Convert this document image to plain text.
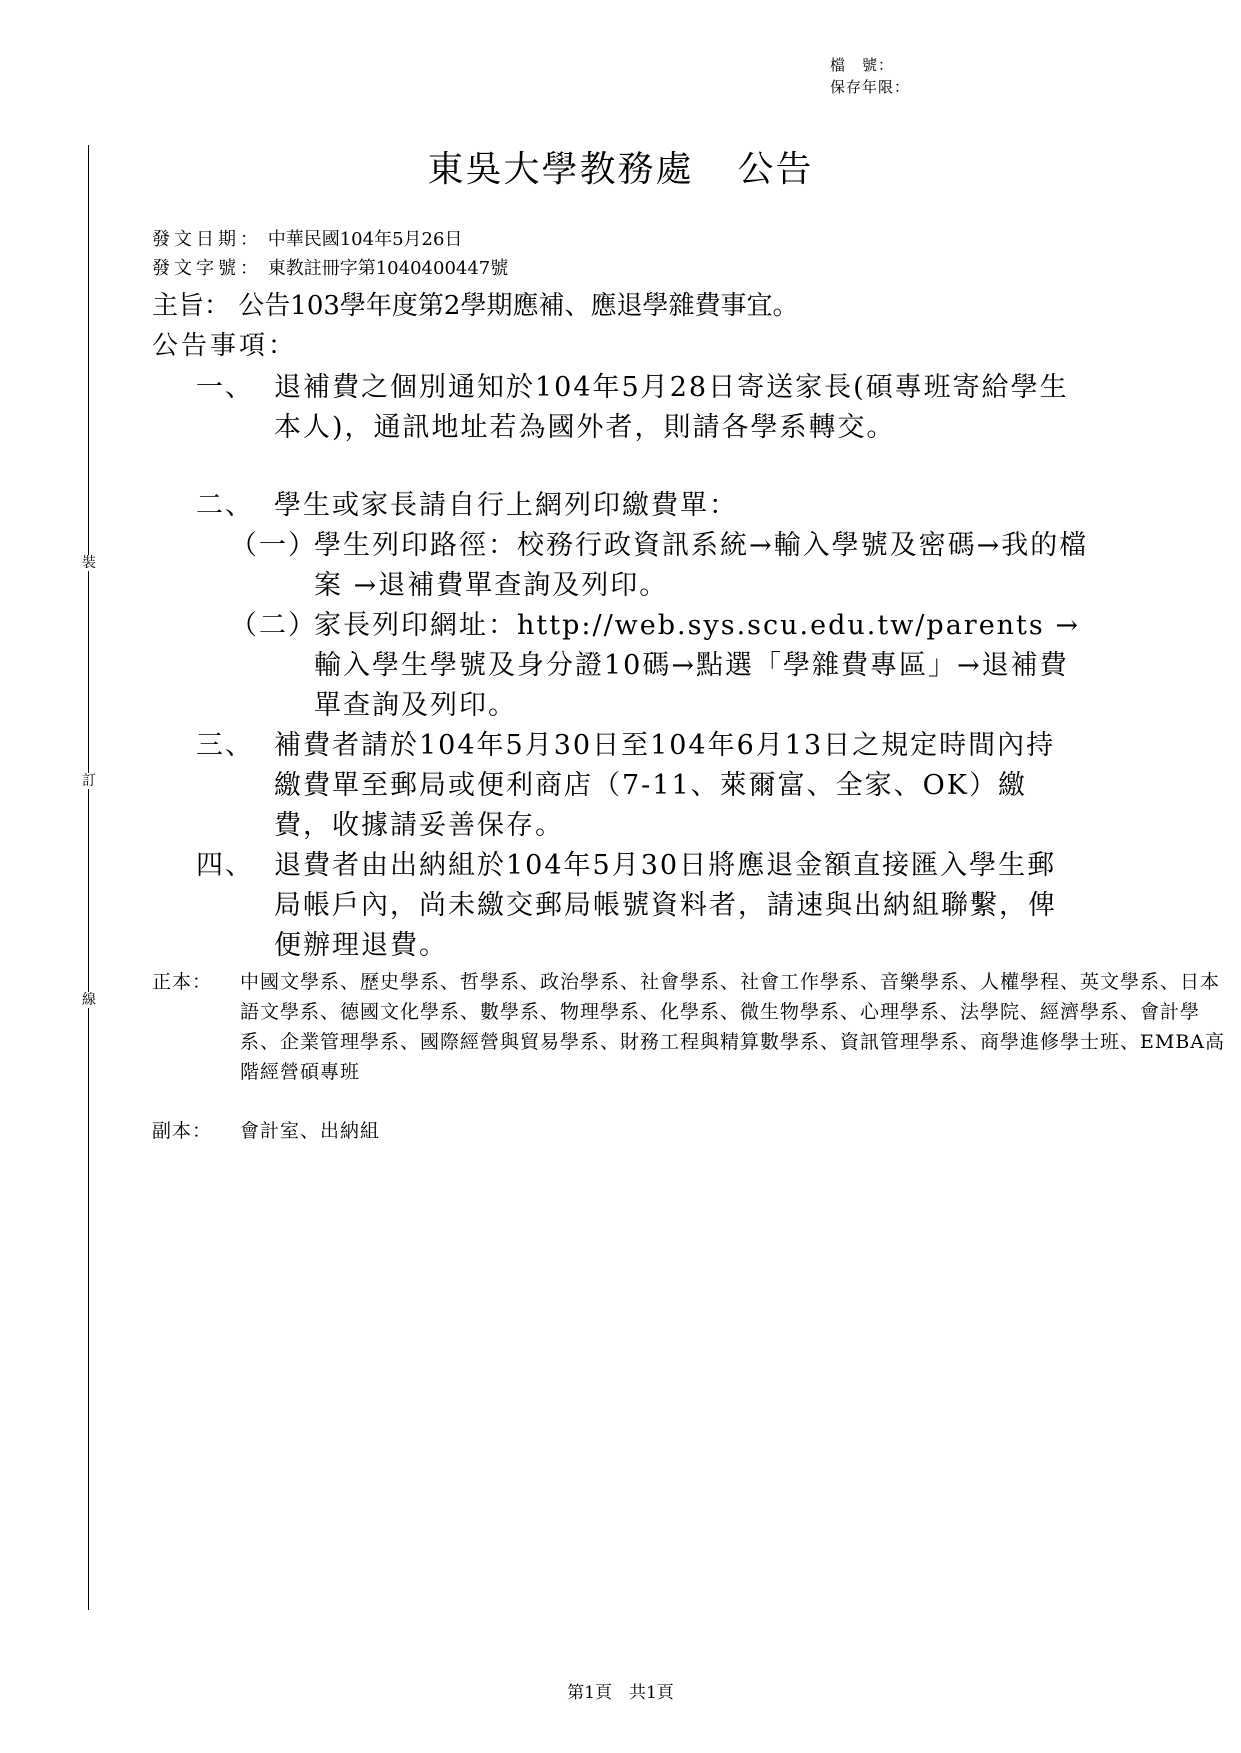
檔　號：
保存年限：
裝
訂
線
東吳大學教務處 公告
發文日期： 中華民國104年5月26日
發文字號： 東教註冊字第1040400447號
主旨： 公告103學年度第2學期應補、應退學雜費事宜。
公告事項：
一、 退補費之個別通知於104年5月28日寄送家長(碩專班寄給學生本人)，通訊地址若為國外者，則請各學系轉交。
二、 學生或家長請自行上網列印繳費單：
（一）
學生列印路徑：校務行政資訊系統→輸入學號及密碼→我的檔案 →退補費單查詢及列印。
（二）
家長列印網址：http://web.sys.scu.edu.tw/parents →輸入學生學號及身分證10碼→點選「學雜費專區」→退補費單查詢及列印。
三、 補費者請於104年5月30日至104年6月13日之規定時間內持繳費單至郵局或便利商店（7-11、萊爾富、全家、OK）繳費，收據請妥善保存。
四、 退費者由出納組於104年5月30日將應退金額直接匯入學生郵局帳戶內，尚未繳交郵局帳號資料者，請速與出納組聯繫，俾便辦理退費。
正本： 中國文學系、歷史學系、哲學系、政治學系、社會學系、社會工作學系、音樂學系、人權學程、英文學系、日本語文學系、德國文化學系、數學系、物理學系、化學系、微生物學系、心理學系、法學院、經濟學系、會計學系、企業管理學系、國際經營與貿易學系、財務工程與精算數學系、資訊管理學系、商學進修學士班、EMBA高階經營碩專班
副本： 會計室、出納組
第1頁　共1頁
